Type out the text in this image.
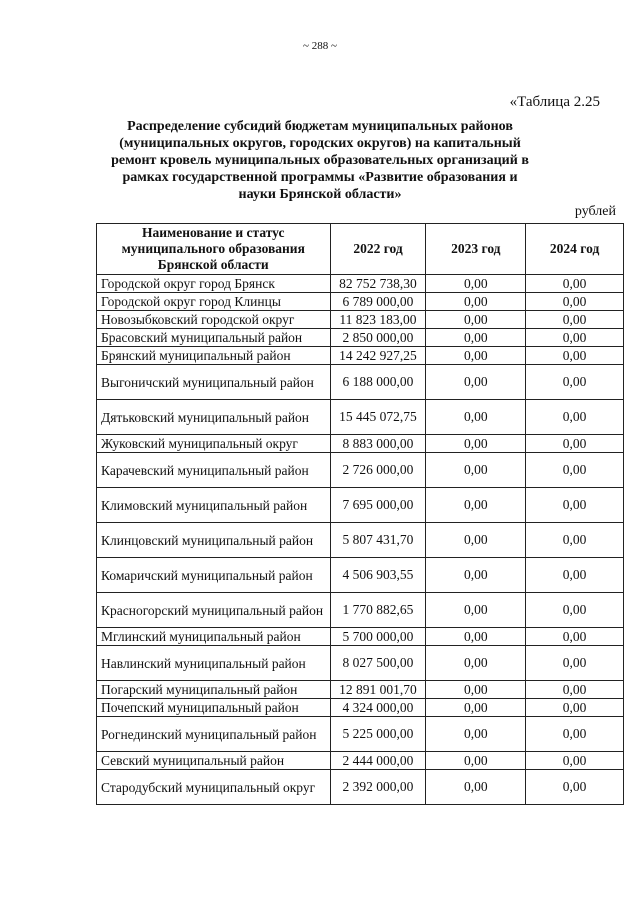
~ 288 ~
«Таблица 2.25
Распределение субсидий бюджетам муниципальных районов (муниципальных округов, городских округов) на капитальный ремонт кровель муниципальных образовательных организаций в рамках государственной программы «Развитие образования и науки Брянской области»
рублей
Наименование и статус муниципального образования Брянской области	2022 год	2023 год	2024 год
Городской округ город Брянск	82 752 738,30	0,00	0,00
Городской округ город Клинцы	6 789 000,00	0,00	0,00
Новозыбковский городской округ	11 823 183,00	0,00	0,00
Брасовский муниципальный район	2 850 000,00	0,00	0,00
Брянский муниципальный район	14 242 927,25	0,00	0,00
Выгоничский муниципальный район	6 188 000,00	0,00	0,00
Дятьковский муниципальный район	15 445 072,75	0,00	0,00
Жуковский муниципальный округ	8 883 000,00	0,00	0,00
Карачевский муниципальный район	2 726 000,00	0,00	0,00
Климовский муниципальный район	7 695 000,00	0,00	0,00
Клинцовский муниципальный район	5 807 431,70	0,00	0,00
Комаричский муниципальный район	4 506 903,55	0,00	0,00
Красногорский муниципальный район	1 770 882,65	0,00	0,00
Мглинский муниципальный район	5 700 000,00	0,00	0,00
Навлинский муниципальный район	8 027 500,00	0,00	0,00
Погарский муниципальный район	12 891 001,70	0,00	0,00
Почепский муниципальный район	4 324 000,00	0,00	0,00
Рогнединский муниципальный район	5 225 000,00	0,00	0,00
Севский муниципальный район	2 444 000,00	0,00	0,00
Стародубский муниципальный округ	2 392 000,00	0,00	0,00
